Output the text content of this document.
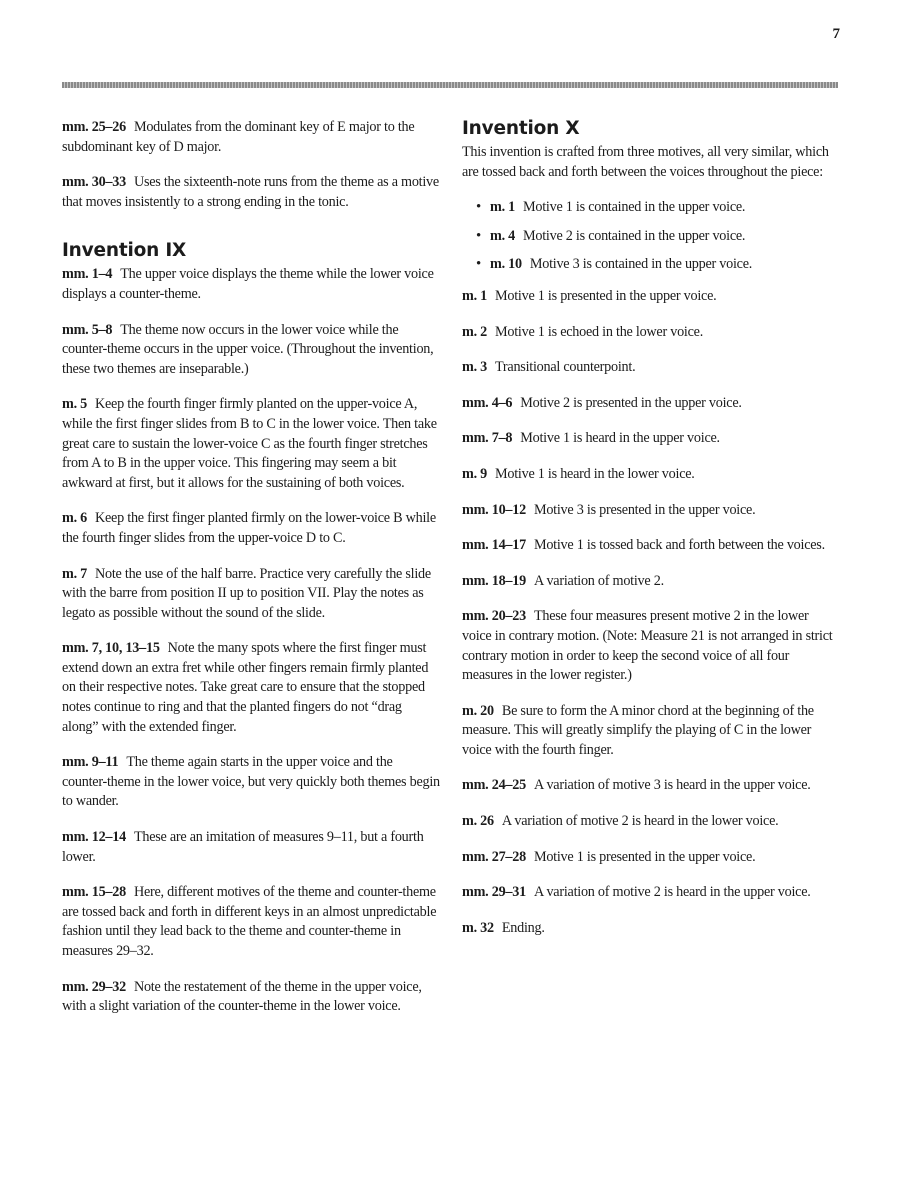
7

mm. 25–26 Modulates from the dominant key of E major to the subdominant key of D major.

mm. 30–33 Uses the sixteenth-note runs from the theme as a motive that moves insistently to a strong ending in the tonic.

Invention IX

mm. 1–4 The upper voice displays the theme while the lower voice displays a counter-theme.

mm. 5–8 The theme now occurs in the lower voice while the counter-theme occurs in the upper voice. (Throughout the invention, these two themes are inseparable.)

m. 5 Keep the fourth finger firmly planted on the upper-voice A, while the first finger slides from B to C in the lower voice. Then take great care to sustain the lower-voice C as the fourth finger stretches from A to B in the upper voice. This fingering may seem a bit awkward at first, but it allows for the sustaining of both voices.

m. 6 Keep the first finger planted firmly on the lower-voice B while the fourth finger slides from the upper-voice D to C.

m. 7 Note the use of the half barre. Practice very carefully the slide with the barre from position II up to position VII. Play the notes as legato as possible without the sound of the slide.

mm. 7, 10, 13–15 Note the many spots where the first finger must extend down an extra fret while other fingers remain firmly planted on their respective notes. Take great care to ensure that the stopped notes continue to ring and that the planted fingers do not “drag along” with the extended finger.

mm. 9–11 The theme again starts in the upper voice and the counter-theme in the lower voice, but very quickly both themes begin to wander.

mm. 12–14 These are an imitation of measures 9–11, but a fourth lower.

mm. 15–28 Here, different motives of the theme and counter-theme are tossed back and forth in different keys in an almost unpredictable fashion until they lead back to the theme and counter-theme in measures 29–32.

mm. 29–32 Note the restatement of the theme in the upper voice, with a slight variation of the counter-theme in the lower voice.

Invention X

This invention is crafted from three motives, all very similar, which are tossed back and forth between the voices throughout the piece:

• m. 1 Motive 1 is contained in the upper voice.
• m. 4 Motive 2 is contained in the upper voice.
• m. 10 Motive 3 is contained in the upper voice.

m. 1 Motive 1 is presented in the upper voice.

m. 2 Motive 1 is echoed in the lower voice.

m. 3 Transitional counterpoint.

mm. 4–6 Motive 2 is presented in the upper voice.

mm. 7–8 Motive 1 is heard in the upper voice.

m. 9 Motive 1 is heard in the lower voice.

mm. 10–12 Motive 3 is presented in the upper voice.

mm. 14–17 Motive 1 is tossed back and forth between the voices.

mm. 18–19 A variation of motive 2.

mm. 20–23 These four measures present motive 2 in the lower voice in contrary motion. (Note: Measure 21 is not arranged in strict contrary motion in order to keep the second voice of all four measures in the lower register.)

m. 20 Be sure to form the A minor chord at the beginning of the measure. This will greatly simplify the playing of C in the lower voice with the fourth finger.

mm. 24–25 A variation of motive 3 is heard in the upper voice.

m. 26 A variation of motive 2 is heard in the lower voice.

mm. 27–28 Motive 1 is presented in the upper voice.

mm. 29–31 A variation of motive 2 is heard in the upper voice.

m. 32 Ending.
